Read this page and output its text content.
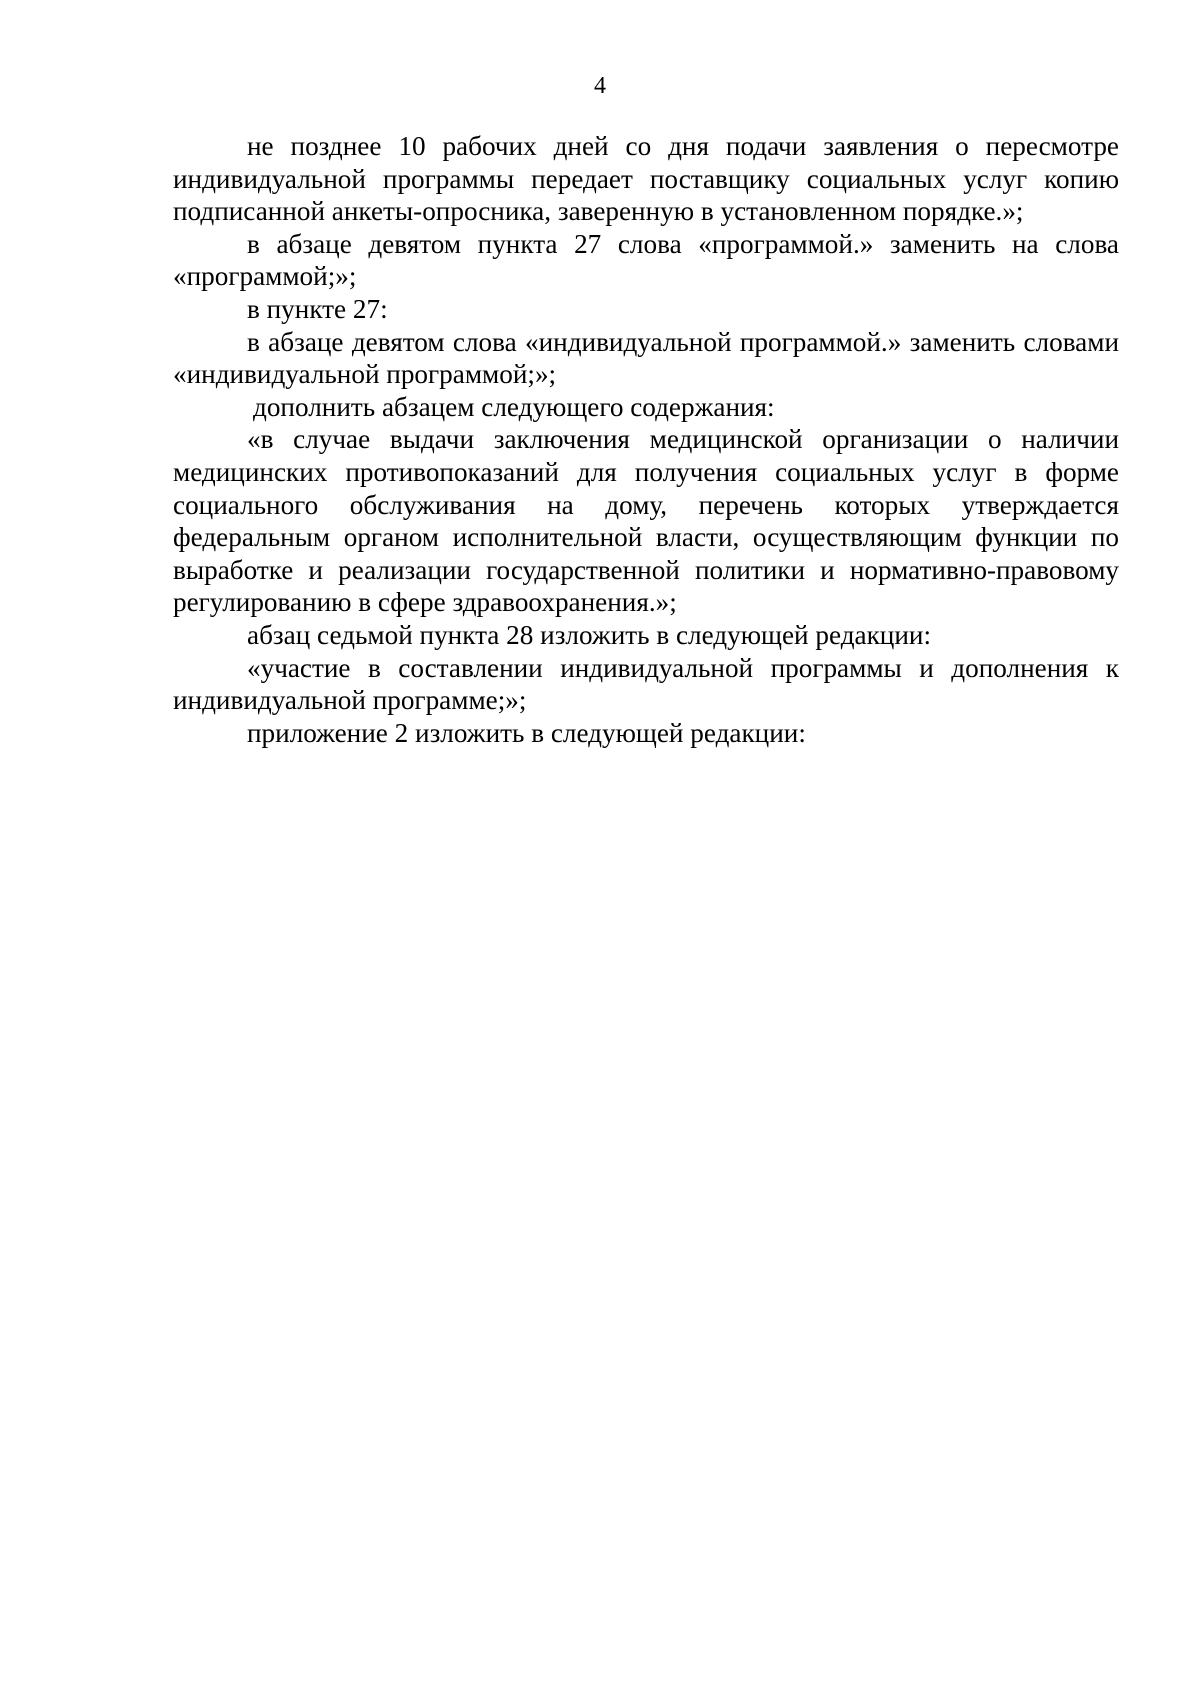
4

не позднее 10 рабочих дней со дня подачи заявления о пересмотре индивидуальной программы передает поставщику социальных услуг копию подписанной анкеты-опросника, заверенную в установленном порядке.»;

в абзаце девятом пункта 27 слова «программой.» заменить на слова «программой;»;

в пункте 27:

в абзаце девятом слова «индивидуальной программой.» заменить словами «индивидуальной программой;»;

дополнить абзацем следующего содержания:

«в случае выдачи заключения медицинской организации о наличии медицинских противопоказаний для получения социальных услуг в форме социального обслуживания на дому, перечень которых утверждается федеральным органом исполнительной власти, осуществляющим функции по выработке и реализации государственной политики и нормативно-правовому регулированию в сфере здравоохранения.»;

абзац седьмой пункта 28 изложить в следующей редакции:

«участие в составлении индивидуальной программы и дополнения к индивидуальной программе;»;

приложение 2 изложить в следующей редакции:
